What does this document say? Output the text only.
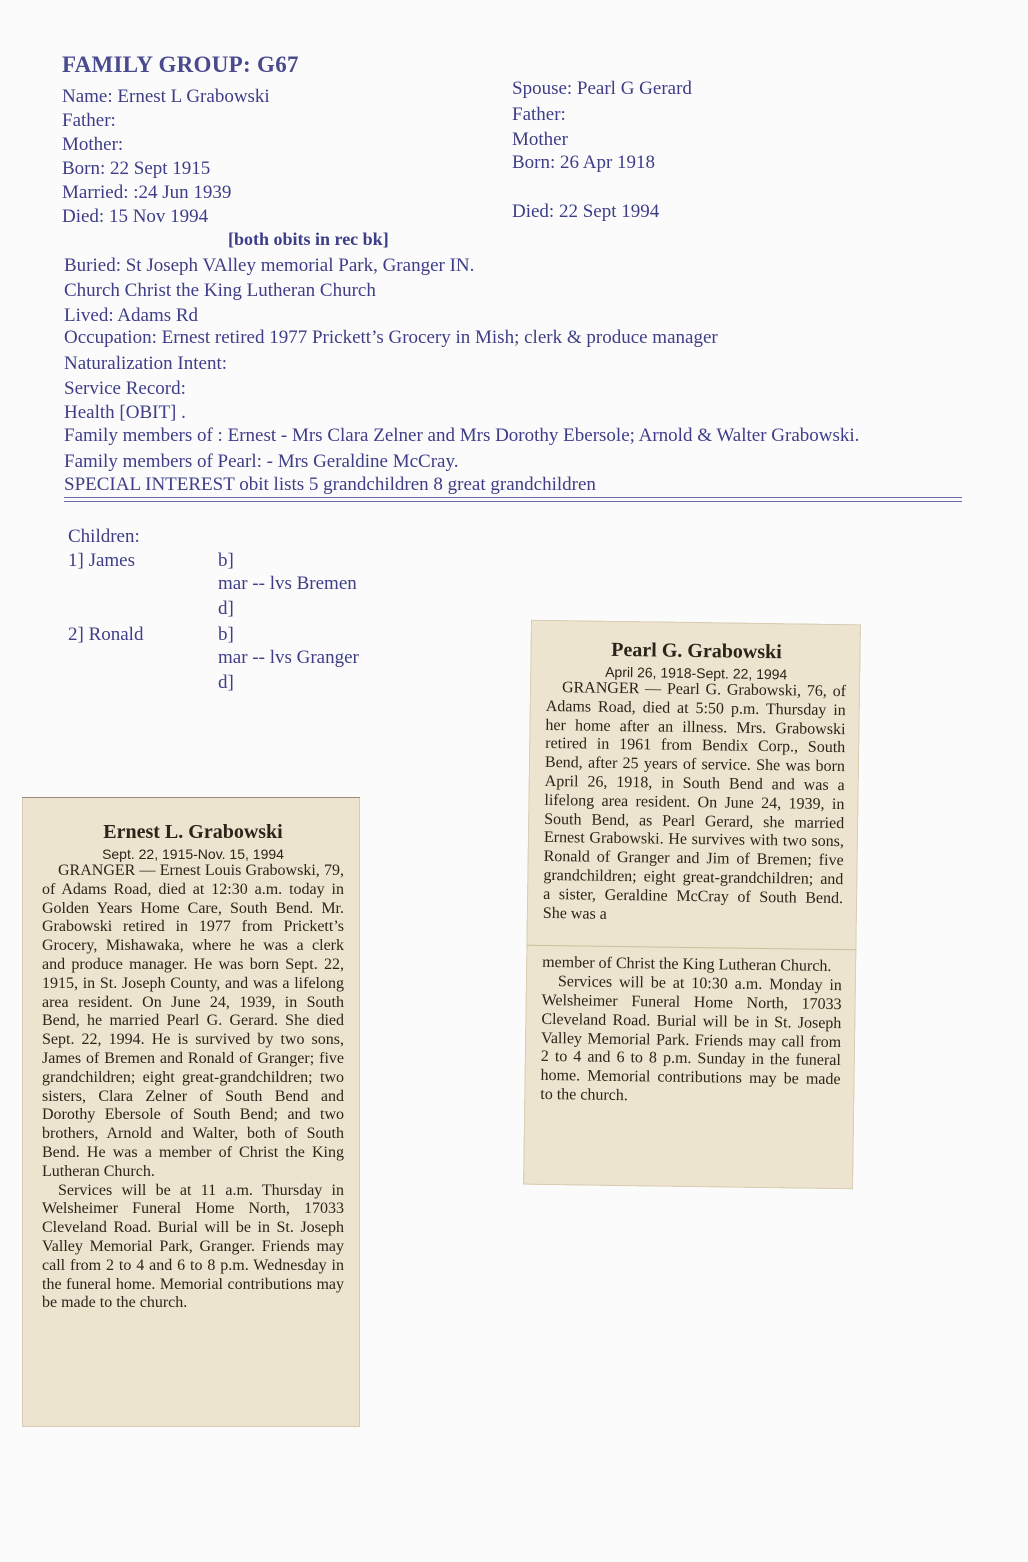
FAMILY GROUP: G67
Name: Ernest L Grabowski
Father:
Mother:
Born: 22 Sept 1915
Married: :24 Jun 1939
Died: 15 Nov 1994
Spouse: Pearl G Gerard
Father:
Mother
Born: 26 Apr 1918
Died: 22 Sept 1994
[both obits in rec bk]
Buried: St Joseph VAlley memorial Park, Granger IN.
Church Christ the King Lutheran Church
Lived: Adams Rd
Occupation: Ernest retired 1977 Prickett’s Grocery in Mish; clerk & produce manager
Naturalization Intent:
Service Record:
Health [OBIT] .
Family members of : Ernest - Mrs Clara Zelner and Mrs Dorothy Ebersole; Arnold & Walter Grabowski.
Family members of Pearl: - Mrs Geraldine McCray.
SPECIAL INTEREST obit lists 5 grandchildren 8 great grandchildren
Children:
1] James	b]
mar -- lvs Bremen
d]
2] Ronald	b]
mar -- lvs Granger
d]
Pearl G. Grabowski
April 26, 1918-Sept. 22, 1994

GRANGER — Pearl G. Grabowski, 76, of Adams Road, died at 5:50 p.m. Thursday in her home after an illness. Mrs. Grabowski retired in 1961 from Bendix Corp., South Bend, after 25 years of service. She was born April 26, 1918, in South Bend and was a lifelong area resident. On June 24, 1939, in South Bend, as Pearl Gerard, she married Ernest Grabowski. He survives with two sons, Ronald of Granger and Jim of Bremen; five grandchildren; eight great-grandchildren; and a sister, Geraldine McCray of South Bend. She was a

member of Christ the King Lutheran Church.

Services will be at 10:30 a.m. Monday in Welsheimer Funeral Home North, 17033 Cleveland Road. Burial will be in St. Joseph Valley Memorial Park. Friends may call from 2 to 4 and 6 to 8 p.m. Sunday in the funeral home. Memorial contributions may be made to the church.

Ernest L. Grabowski
Sept. 22, 1915-Nov. 15, 1994

GRANGER — Ernest Louis Grabowski, 79, of Adams Road, died at 12:30 a.m. today in Golden Years Home Care, South Bend. Mr. Grabowski retired in 1977 from Prickett’s Grocery, Mishawaka, where he was a clerk and produce manager. He was born Sept. 22, 1915, in St. Joseph County, and was a lifelong area resident. On June 24, 1939, in South Bend, he married Pearl G. Gerard. She died Sept. 22, 1994. He is survived by two sons, James of Bremen and Ronald of Granger; five grandchildren; eight great-grandchildren; two sisters, Clara Zelner of South Bend and Dorothy Ebersole of South Bend; and two brothers, Arnold and Walter, both of South Bend. He was a member of Christ the King Lutheran Church.

Services will be at 11 a.m. Thursday in Welsheimer Funeral Home North, 17033 Cleveland Road. Burial will be in St. Joseph Valley Memorial Park, Granger. Friends may call from 2 to 4 and 6 to 8 p.m. Wednesday in the funeral home. Memorial contributions may be made to the church.
